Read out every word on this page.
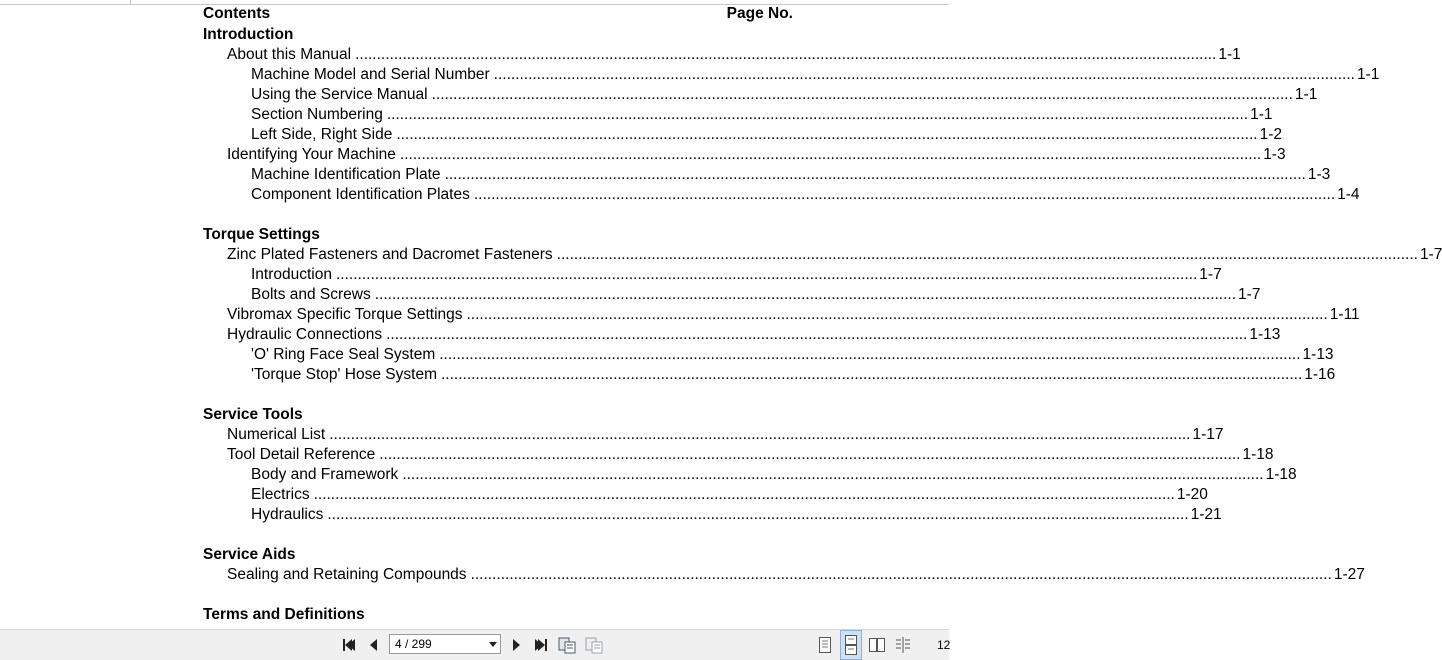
Contents	Page No.
Introduction
About this Manual ........................................................................................................................................................................................................ 1-1
Machine Model and Serial Number ........................................................................................................................................................................................................ 1-1
Using the Service Manual ........................................................................................................................................................................................................ 1-1
Section Numbering ........................................................................................................................................................................................................ 1-1
Left Side, Right Side ........................................................................................................................................................................................................ 1-2
Identifying Your Machine ........................................................................................................................................................................................................ 1-3
Machine Identification Plate ........................................................................................................................................................................................................ 1-3
Component Identification Plates ........................................................................................................................................................................................................ 1-4
Torque Settings
Zinc Plated Fasteners and Dacromet Fasteners ........................................................................................................................................................................................................ 1-7
Introduction ........................................................................................................................................................................................................ 1-7
Bolts and Screws ........................................................................................................................................................................................................ 1-7
Vibromax Specific Torque Settings ........................................................................................................................................................................................................ 1-11
Hydraulic Connections ........................................................................................................................................................................................................ 1-13
'O' Ring Face Seal System ........................................................................................................................................................................................................ 1-13
'Torque Stop' Hose System ........................................................................................................................................................................................................ 1-16
Service Tools
Numerical List ........................................................................................................................................................................................................ 1-17
Tool Detail Reference ........................................................................................................................................................................................................ 1-18
Body and Framework ........................................................................................................................................................................................................ 1-18
Electrics ........................................................................................................................................................................................................ 1-20
Hydraulics ........................................................................................................................................................................................................ 1-21
Service Aids
Sealing and Retaining Compounds ........................................................................................................................................................................................................ 1-27
Terms and Definitions
4 / 299	12
